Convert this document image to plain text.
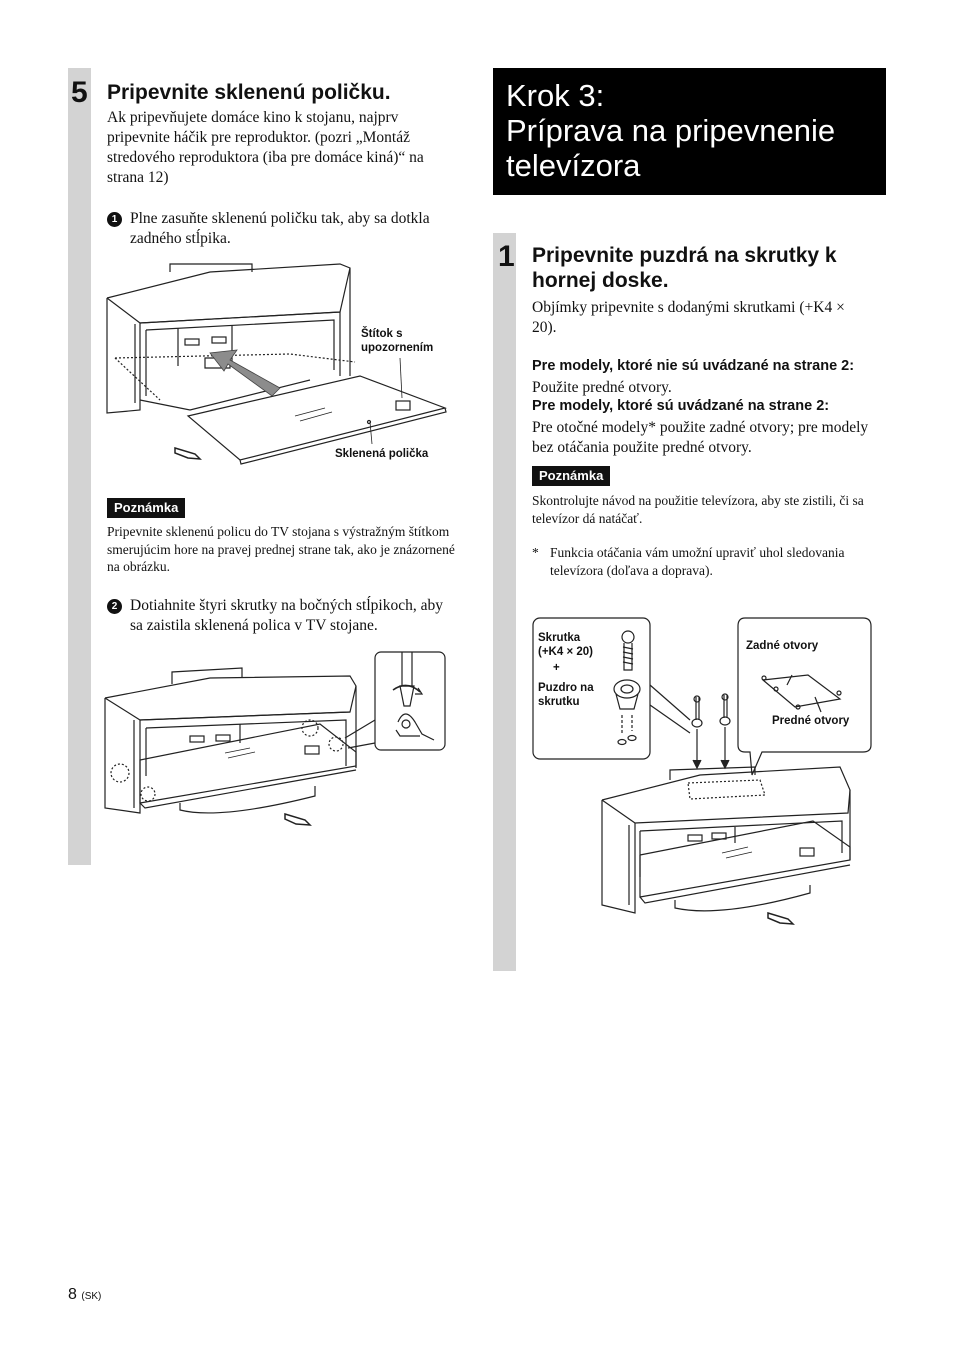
5 Pripevnite sklenenú poličku.
Ak pripevňujete domáce kino k stojanu, najprv pripevnite háčik pre reproduktor. (pozri „Montáž stredového reproduktora (iba pre domáce kiná)“ na strana 12)
1 Plne zasuňte sklenenú poličku tak, aby sa dotkla zadného stĺpika.
Štítok s upozornením
Sklenená polička
Poznámka
Pripevnite sklenenú policu do TV stojana s výstražným štítkom smerujúcim hore na pravej prednej strane tak, ako je znázornené na obrázku.
2 Dotiahnite štyri skrutky na bočných stĺpikoch, aby sa zaistila sklenená polica v TV stojane.
Krok 3:
Príprava na pripevnenie
televízora
1 Pripevnite puzdrá na skrutky k hornej doske.
Objímky pripevnite s dodanými skrutkami (+K4 × 20).
Pre modely, ktoré nie sú uvádzané na strane 2:
Použite predné otvory.
Pre modely, ktoré sú uvádzané na strane 2:
Pre otočné modely* použite zadné otvory; pre modely bez otáčania použite predné otvory.
Poznámka
Skontrolujte návod na použitie televízora, aby ste zistili, či sa televízor dá natáčať.
* Funkcia otáčania vám umožní upraviť uhol sledovania televízora (doľava a doprava).
Skrutka
(+K4 × 20)
+
Puzdro na skrutku
Zadné otvory
Predné otvory
8 (SK)
